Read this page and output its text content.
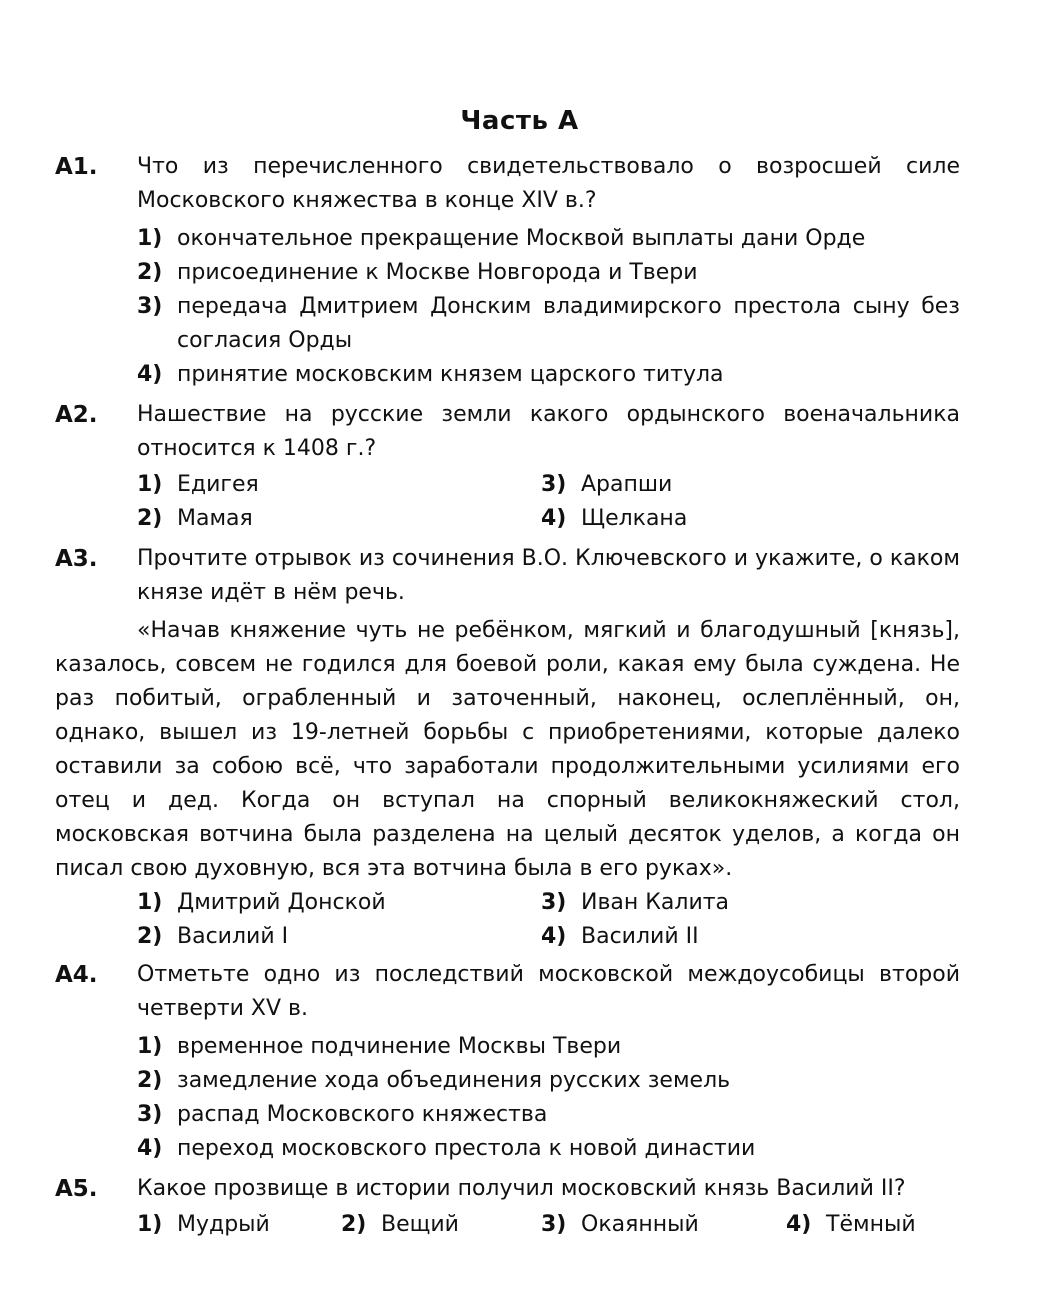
Часть А
А1. Что из перечисленного свидетельствовало о возросшей силе Московского княжества в конце XIV в.?
1) окончательное прекращение Москвой выплаты дани Орде
2) присоединение к Москве Новгорода и Твери
3) передача Дмитрием Донским владимирского престола сыну без согласия Орды
4) принятие московским князем царского титула
А2. Нашествие на русские земли какого ордынского военачальника относится к 1408 г.?
1) Едигея
2) Мамая
3) Арапши
4) Щелкана
А3. Прочтите отрывок из сочинения В.О. Ключевского и укажите, о каком князе идёт в нём речь.
«Начав княжение чуть не ребёнком, мягкий и благодушный [князь], казалось, совсем не годился для боевой роли, какая ему была суждена. Не раз побитый, ограбленный и заточенный, наконец, ослеплённый, он, однако, вышел из 19-летней борьбы с приобретениями, которые далеко оставили за собою всё, что заработали продолжительными усилиями его отец и дед. Когда он вступал на спорный великокняжеский стол, московская вотчина была разделена на целый десяток уделов, а когда он писал свою духовную, вся эта вотчина была в его руках».
1) Дмитрий Донской
2) Василий I
3) Иван Калита
4) Василий II
А4. Отметьте одно из последствий московской междоусобицы второй четверти XV в.
1) временное подчинение Москвы Твери
2) замедление хода объединения русских земель
3) распад Московского княжества
4) переход московского престола к новой династии
А5. Какое прозвище в истории получил московский князь Василий II?
1) Мудрый	2) Вещий	3) Окаянный	4) Тёмный
